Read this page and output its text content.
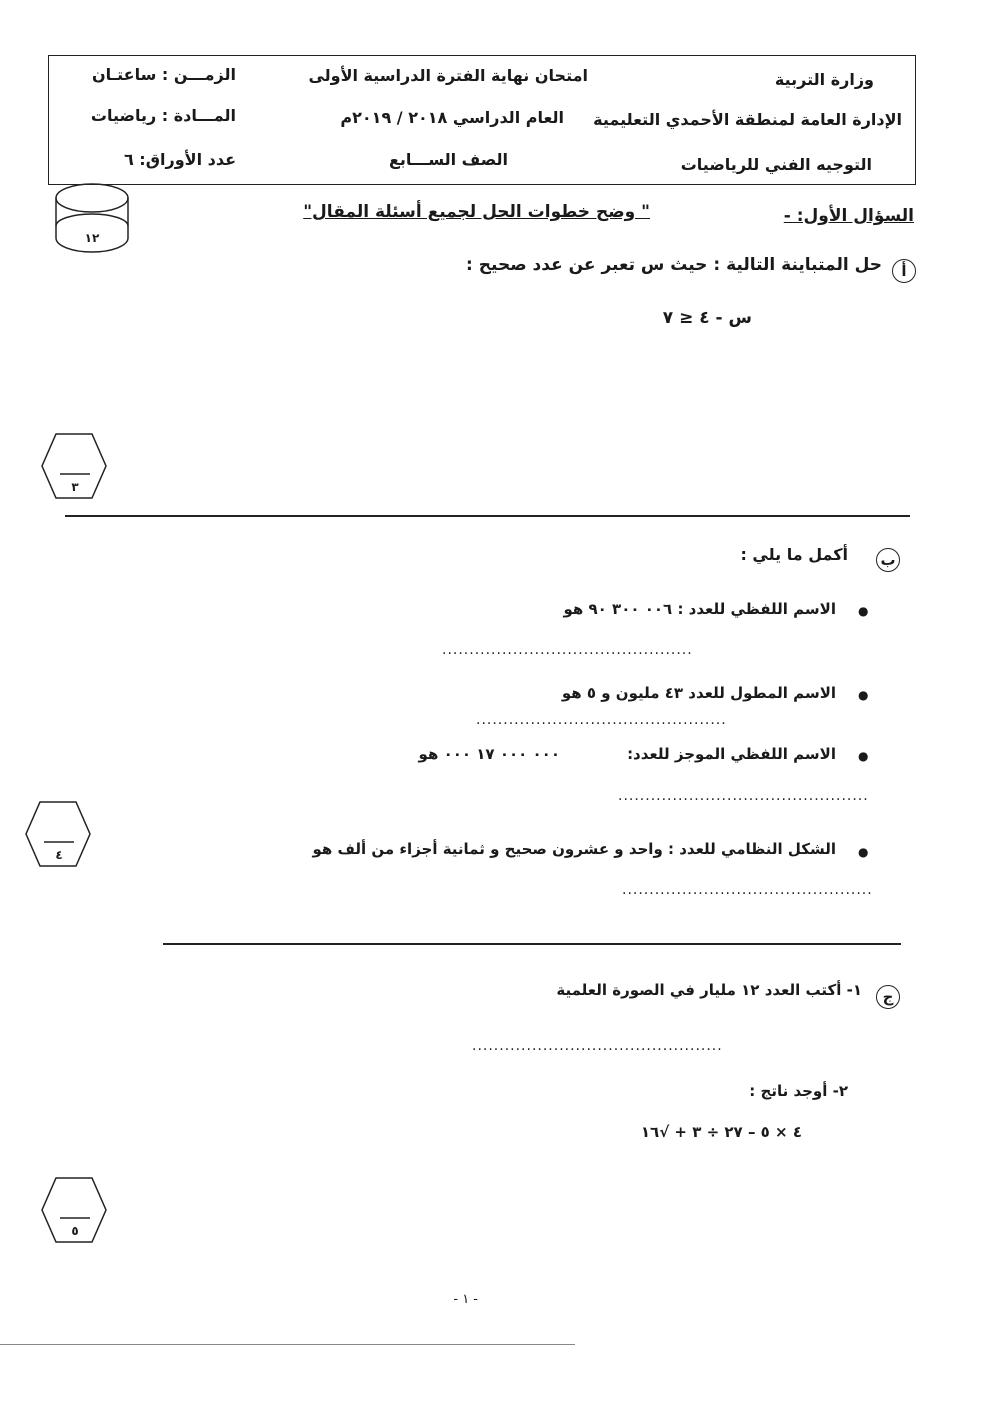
وزارة التربية
الإدارة العامة لمنطقة الأحمدي التعليمية
التوجيه الفني للرياضيات
امتحان نهاية الفترة الدراسية الأولى
العام الدراسي ٢٠١٨ / ٢٠١٩م
الصف الســـابع
الزمـــن : ساعتـان
المـــادة : رياضيات
عدد الأوراق: ٦
١٢
السؤال الأول: -
" وضح خطوات الحل لجميع أسئلة المقال"
أ
حل المتباينة التالية : حيث س تعبر عن عدد صحيح :
س - ٤ ≤ ٧
٣
ب
أكمل ما يلي :
●
الاسم اللفظي للعدد : ٠٠٦ ٣٠٠ ٩٠ هو
..............................................
●
الاسم المطول للعدد ٤٣ مليون و ٥ هو
..............................................
●
الاسم اللفظي الموجز للعدد:
٠٠٠ ٠٠٠ ١٧ ٠٠٠ هو
..............................................
٤	●
الشكل النظامي للعدد : واحد و عشرون صحيح و ثمانية أجزاء من ألف هو
..............................................
ج
١- أكتب العدد ١٢ مليار في الصورة العلمية
..............................................
٢- أوجد ناتج :
٤ × ٥ – ٢٧ ÷ ٣ + √١٦
٥
- ١ -
